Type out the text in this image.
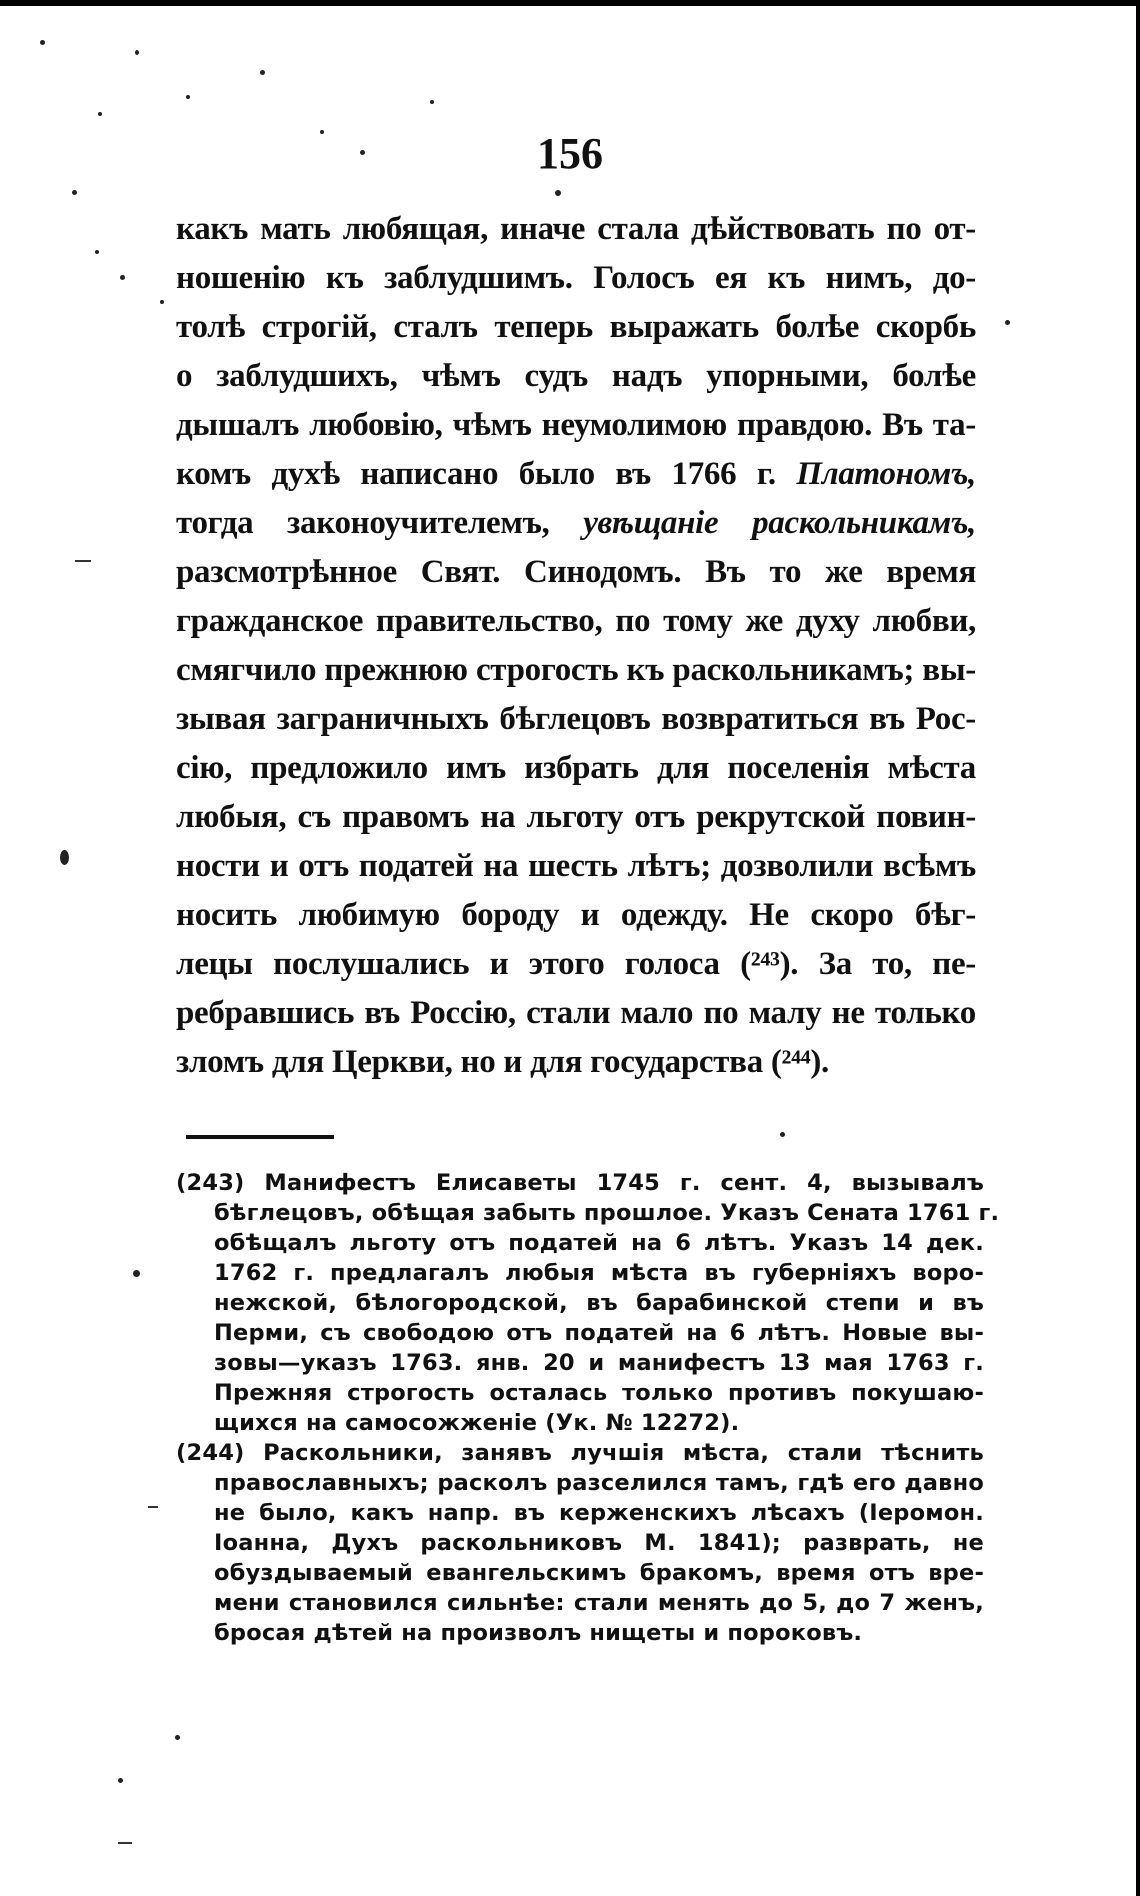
156
какъ мать любящая, иначе стала дѣйствовать по от-
ношенію къ заблудшимъ. Голосъ ея къ нимъ, до-
толѣ строгій, сталъ теперь выражать болѣе скорбь
о заблудшихъ, чѣмъ судъ надъ упорными, болѣе
дышалъ любовію, чѣмъ неумолимою правдою. Въ та-
комъ духѣ написано было въ 1766 г. Платономъ,
тогда законоучителемъ, увѣщаніе раскольникамъ,
разсмотрѣнное Свят. Синодомъ. Въ то же время
гражданское правительство, по тому же духу любви,
смягчило прежнюю строгость къ раскольникамъ; вы-
зывая заграничныхъ бѣглецовъ возвратиться въ Рос-
сію, предложило имъ избрать для поселенія мѣста
любыя, съ правомъ на льготу отъ рекрутской повин-
ности и отъ податей на шесть лѣтъ; дозволили всѣмъ
носить любимую бороду и одежду. Не скоро бѣг-
лецы послушались и этого голоса (²⁴³). За то, пе-
ребравшись въ Россію, стали мало по малу не только
зломъ для Церкви, но и для государства (²⁴⁴).
(243) Манифестъ Елисаветы 1745 г. сент. 4, вызывалъ
бѣглецовъ, обѣщая забыть прошлое. Указъ Сената 1761 г.
обѣщалъ льготу отъ податей на 6 лѣтъ. Указъ 14 дек.
1762 г. предлагалъ любыя мѣста въ губерніяхъ воро-
нежской, бѣлогородской, въ барабинской степи и въ
Перми, съ свободою отъ податей на 6 лѣтъ. Новые вы-
зовы—указъ 1763. янв. 20 и манифестъ 13 мая 1763 г.
Прежняя строгость осталась только противъ покушаю-
щихся на самосожженіе (Ук. № 12272).
(244) Раскольники, занявъ лучшія мѣста, стали тѣснить
православныхъ; расколъ разселился тамъ, гдѣ его давно
не было, какъ напр. въ керженскихъ лѣсахъ (Іеромон.
Іоанна, Духъ раскольниковъ М. 1841); разврать, не
обуздываемый евангельскимъ бракомъ, время отъ вре-
мени становился сильнѣе: стали менять до 5, до 7 женъ,
бросая дѣтей на произволъ нищеты и пороковъ.
